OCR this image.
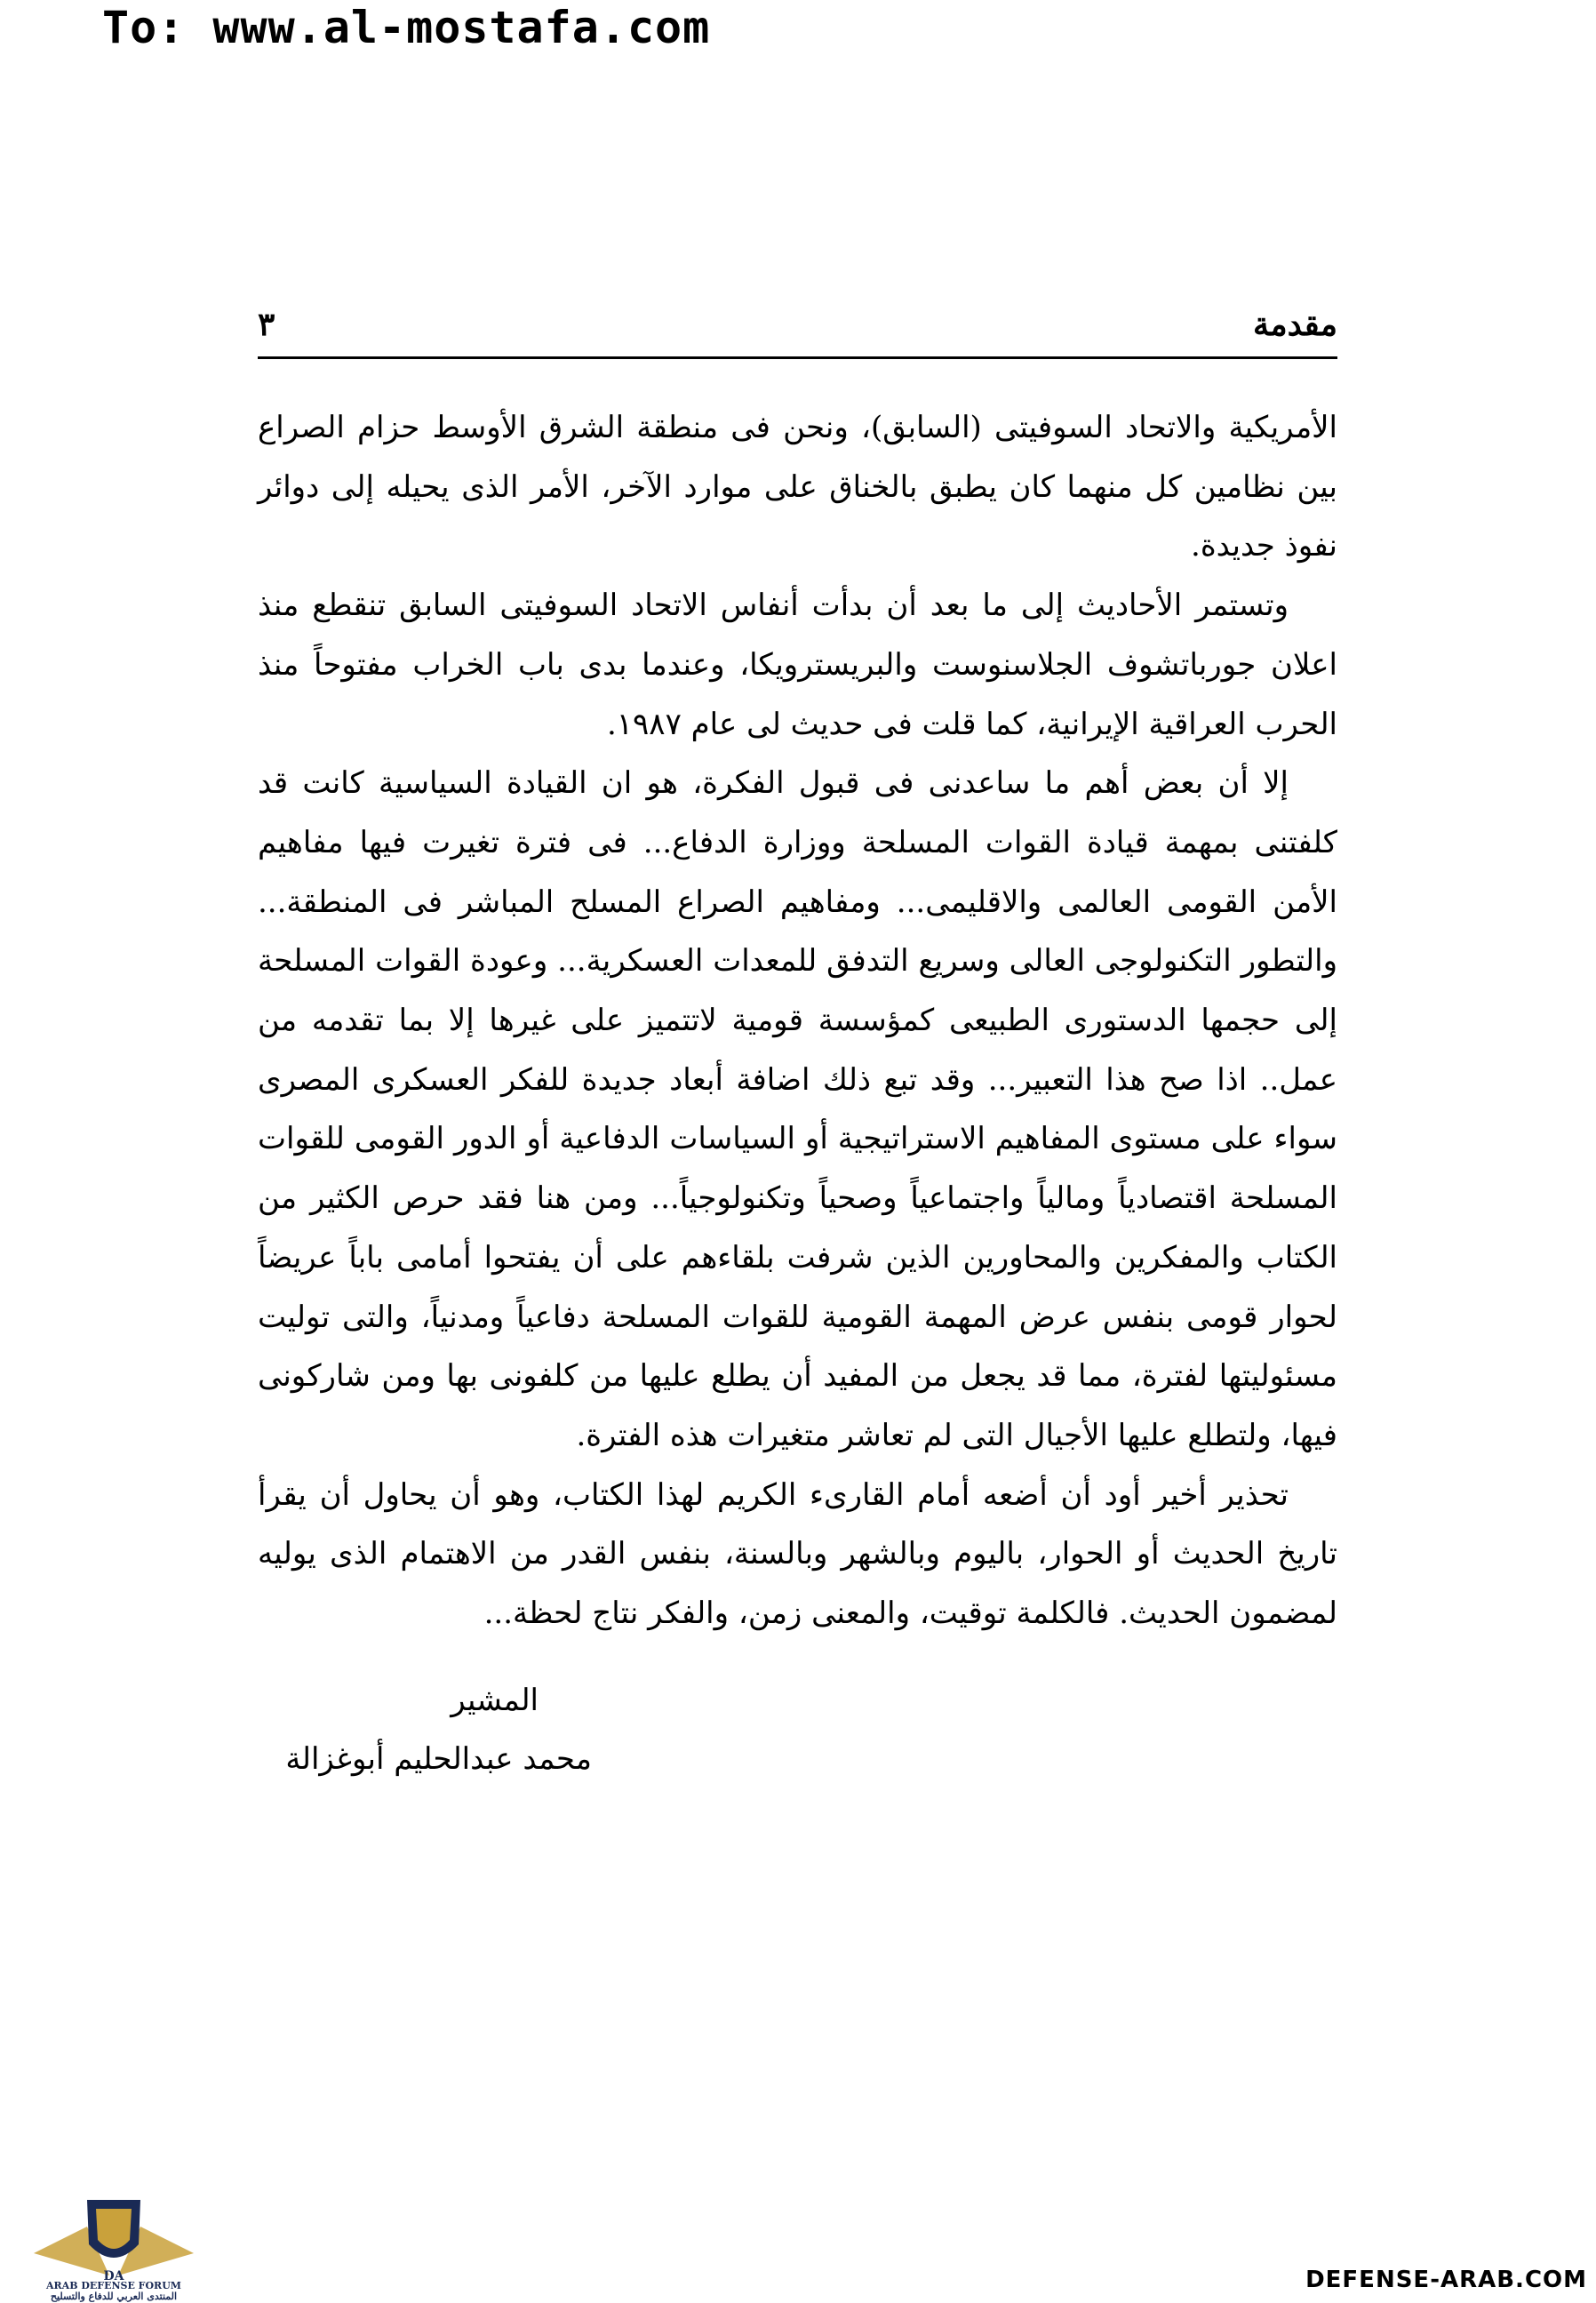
To: www.al-mostafa.com
مقدمة
٣

الأمريكية والاتحاد السوفيتى (السابق)، ونحن فى منطقة الشرق الأوسط حزام الصراع بين نظامين كل منهما كان يطبق بالخناق على موارد الآخر، الأمر الذى يحيله إلى دوائر نفوذ جديدة.

وتستمر الأحاديث إلى ما بعد أن بدأت أنفاس الاتحاد السوفيتى السابق تنقطع منذ اعلان جورباتشوف الجلاسنوست والبريسترويكا، وعندما بدى باب الخراب مفتوحاً منذ الحرب العراقية الإيرانية، كما قلت فى حديث لى عام ١٩٨٧.

إلا أن بعض أهم ما ساعدنى فى قبول الفكرة، هو ان القيادة السياسية كانت قد كلفتنى بمهمة قيادة القوات المسلحة ووزارة الدفاع... فى فترة تغيرت فيها مفاهيم الأمن القومى العالمى والاقليمى... ومفاهيم الصراع المسلح المباشر فى المنطقة... والتطور التكنولوجى العالى وسريع التدفق للمعدات العسكرية... وعودة القوات المسلحة إلى حجمها الدستورى الطبيعى كمؤسسة قومية لاتتميز على غيرها إلا بما تقدمه من عمل.. اذا صح هذا التعبير... وقد تبع ذلك اضافة أبعاد جديدة للفكر العسكرى المصرى سواء على مستوى المفاهيم الاستراتيجية أو السياسات الدفاعية أو الدور القومى للقوات المسلحة اقتصادياً ومالياً واجتماعياً وصحياً وتكنولوجياً... ومن هنا فقد حرص الكثير من الكتاب والمفكرين والمحاورين الذين شرفت بلقاءهم على أن يفتحوا أمامى باباً عريضاً لحوار قومى بنفس عرض المهمة القومية للقوات المسلحة دفاعياً ومدنياً، والتى توليت مسئوليتها لفترة، مما قد يجعل من المفيد أن يطلع عليها من كلفونى بها ومن شاركونى فيها، ولتطلع عليها الأجيال التى لم تعاشر متغيرات هذه الفترة.

تحذير أخير أود أن أضعه أمام القارىء الكريم لهذا الكتاب، وهو أن يحاول أن يقرأ تاريخ الحديث أو الحوار، باليوم وبالشهر وبالسنة، بنفس القدر من الاهتمام الذى يوليه لمضمون الحديث. فالكلمة توقيت، والمعنى زمن، والفكر نتاج لحظة...

المشير
محمد عبدالحليم أبوغزالة
DA
ARAB DEFENSE FORUM
المنتدى العربي للدفاع والتسليح
DEFENSE-ARAB.COM
